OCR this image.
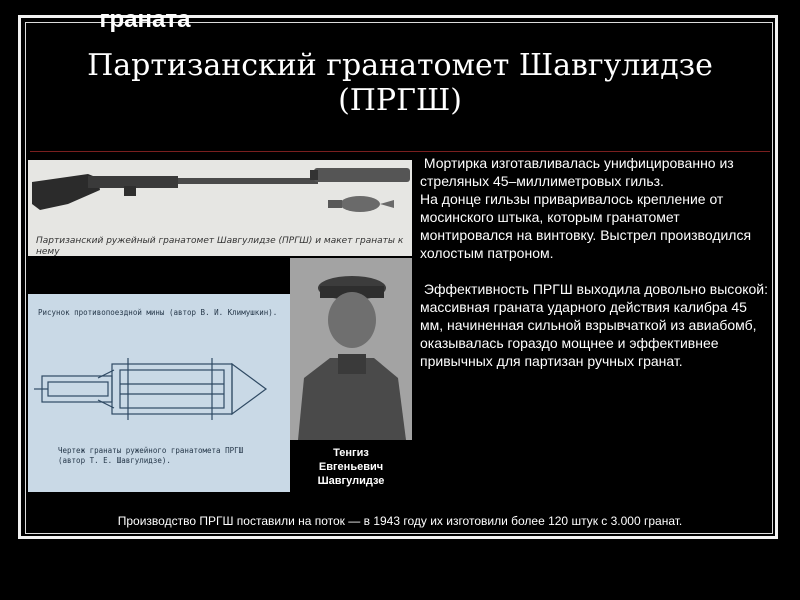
Партизанский гранатомет Шавгулидзе (ПРГШ)
Партизанский ружейный гранатомет Шавгулидзе (ПРГШ) и макет гранаты к нему
граната
Рисунок противопоездной мины (автор В. И. Климушкин).
Чертеж гранаты ружейного гранатомета ПРГШ
(автор Т. Е. Шавгулидзе).
Тенгиз
Евгеньевич
Шавгулидзе

Мортирка изготавливалась унифицированно из стреляных 45–миллиметровых гильз.
На донце гильзы приваривалось крепление от мосинского штыка, которым гранатомет монтировался на винтовку. Выстрел производился холостым патроном.

Эффективность ПРГШ выходила довольно высокой: массивная граната ударного действия калибра 45 мм, начиненная сильной взрывчаткой из авиабомб, оказывалась гораздо мощнее и эффективнее привычных для партизан ручных гранат.

Производство ПРГШ поставили на поток — в 1943 году их изготовили более 120 штук с 3.000 гранат.
